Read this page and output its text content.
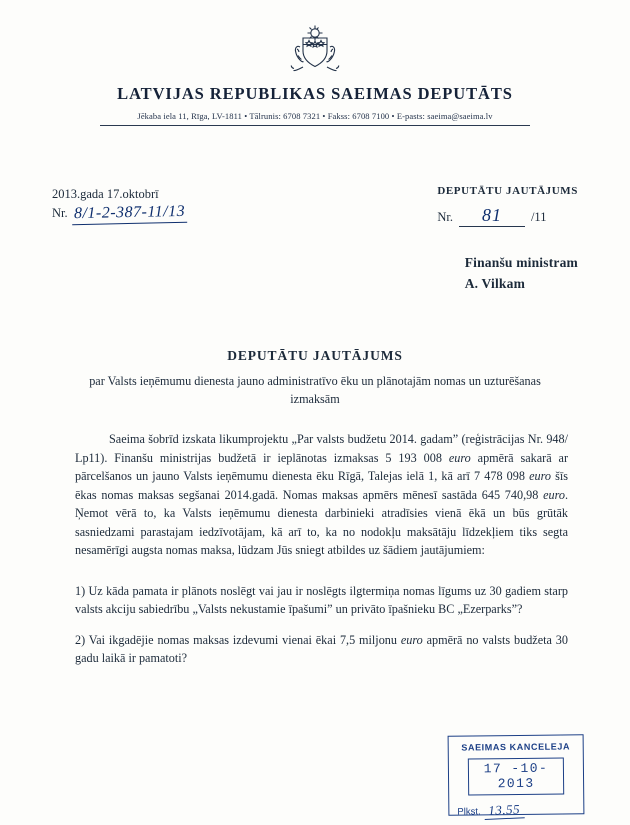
LATVIJAS REPUBLIKAS SAEIMAS DEPUTĀTS
Jēkaba iela 11, Rīga, LV-1811 • Tālrunis: 6708 7321 • Fakss: 6708 7100 • E-pasts: saeima@saeima.lv
2013.gada 17.oktobrī
Nr. 8/1-2-387-11/13
DEPUTĀTU JAUTĀJUMS
Nr.	81	/11
Finanšu ministram
A. Vilkam
DEPUTĀTU JAUTĀJUMS
par Valsts ieņēmumu dienesta jauno administratīvo ēku un plānotajām nomas un uzturēšanas izmaksām

Saeima šobrīd izskata likumprojektu „Par valsts budžetu 2014. gadam” (reģistrācijas Nr. 948/ Lp11). Finanšu ministrijas budžetā ir ieplānotas izmaksas 5 193 008 euro apmērā sakarā ar pārcelšanos un jauno Valsts ieņēmumu dienesta ēku Rīgā, Talejas ielā 1, kā arī 7 478 098 euro šīs ēkas nomas maksas segšanai 2014.gadā. Nomas maksas apmērs mēnesī sastāda 645 740,98 euro. Ņemot vērā to, ka Valsts ieņēmumu dienesta darbinieki atradīsies vienā ēkā un būs grūtāk sasniedzami parastajam iedzīvotājam, kā arī to, ka no nodokļu maksātāju līdzekļiem tiks segta nesamērīgi augsta nomas maksa, lūdzam Jūs sniegt atbildes uz šādiem jautājumiem:

1) Uz kāda pamata ir plānots noslēgt vai jau ir noslēgts ilgtermiņa nomas līgums uz 30 gadiem starp valsts akciju sabiedrību „Valsts nekustamie īpašumi” un privāto īpašnieku BC „Ezerparks”?

2) Vai ikgadējie nomas maksas izdevumi vienai ēkai 7,5 miljonu euro apmērā no valsts budžeta 30 gadu laikā ir pamatoti?

SAEIMAS KANCELEJA
17 -10- 2013
Plkst. 13.55
